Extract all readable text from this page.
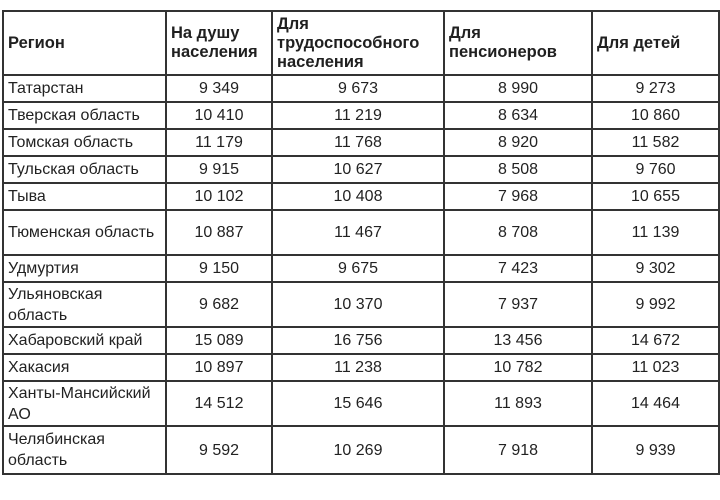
Регион	На душу населения	Для трудоспособного населения	Для пенсионеров	Для детей
Татарстан	9 349	9 673	8 990	9 273
Тверская область	10 410	11 219	8 634	10 860
Томская область	11 179	11 768	8 920	11 582
Тульская область	9 915	10 627	8 508	9 760
Тыва	10 102	10 408	7 968	10 655
Тюменская область	10 887	11 467	8 708	11 139
Удмуртия	9 150	9 675	7 423	9 302
Ульяновская область	9 682	10 370	7 937	9 992
Хабаровский край	15 089	16 756	13 456	14 672
Хакасия	10 897	11 238	10 782	11 023
Ханты-Мансийский АО	14 512	15 646	11 893	14 464
Челябинская область	9 592	10 269	7 918	9 939
